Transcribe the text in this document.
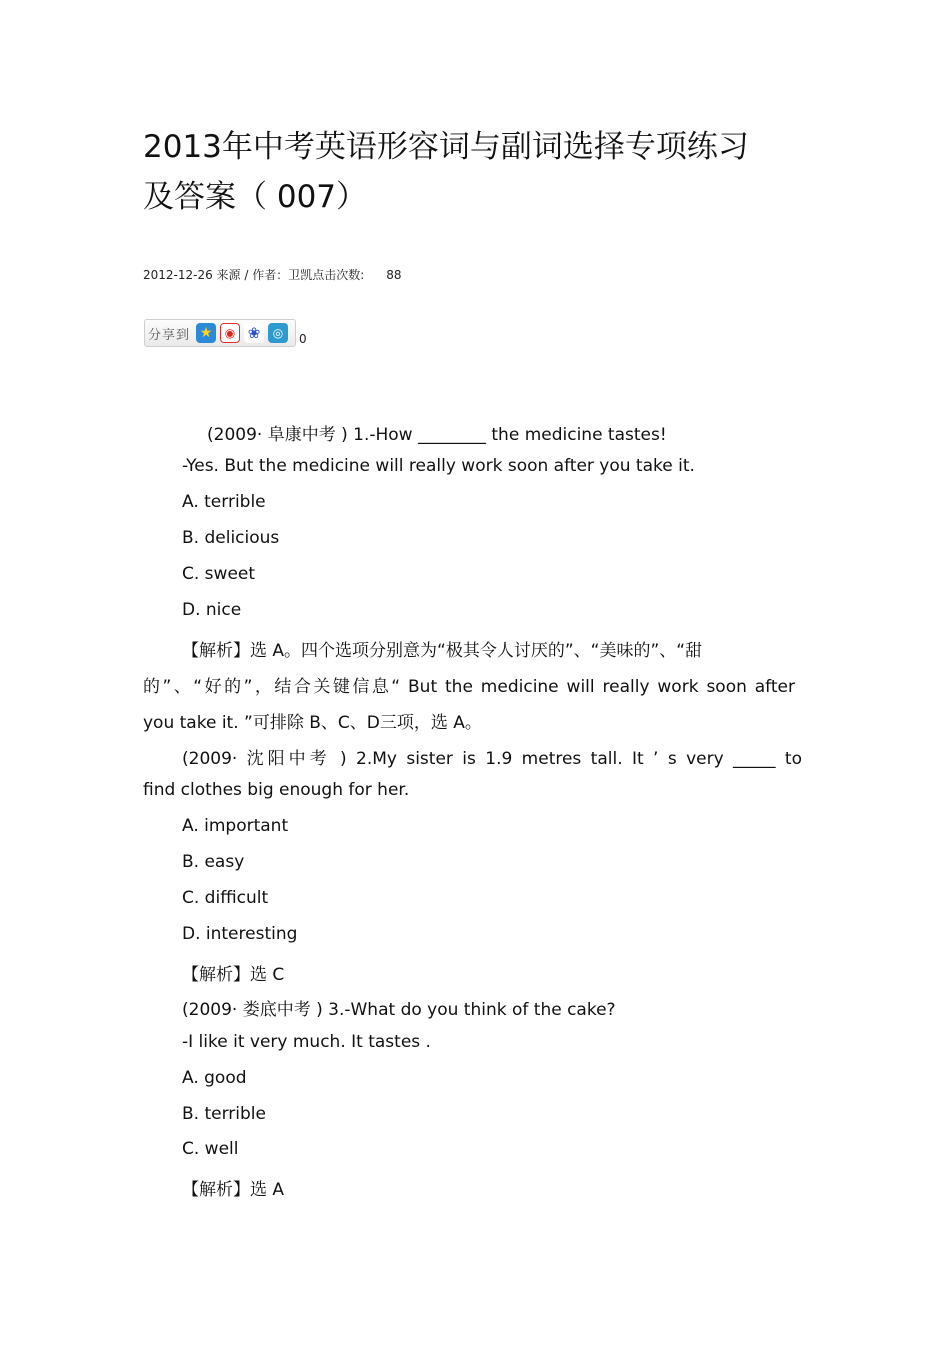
2013年中考英语形容词与副词选择专项练习
及答案（ 007）
2012-12-26 来源 / 作者：卫凯点击次数: 88
分享到 ★	◉ ❀	◎	0
(2009· 阜康中考 ) 1.-How ________ the medicine tastes!
-Yes. But the medicine will really work soon after you take it.
A. terrible
B. delicious
C. sweet
D. nice
【解析】选 A。四个选项分别意为“极其令人讨厌的”、“美味的”、“甜
的”、“好的”，结合关键信息“ But the medicine will really work soon after
you take it. ”可排除 B、C、D三项，选 A。
(2009· 沈阳中考 ) 2.My sister is 1.9 metres tall. It ’ s very _____ to
find clothes big enough for her.
A. important
B. easy
C. difficult
D. interesting
【解析】选 C
(2009· 娄底中考 ) 3.-What do you think of the cake?
-I like it very much. It tastes .
A. good
B. terrible
C. well
【解析】选 A
